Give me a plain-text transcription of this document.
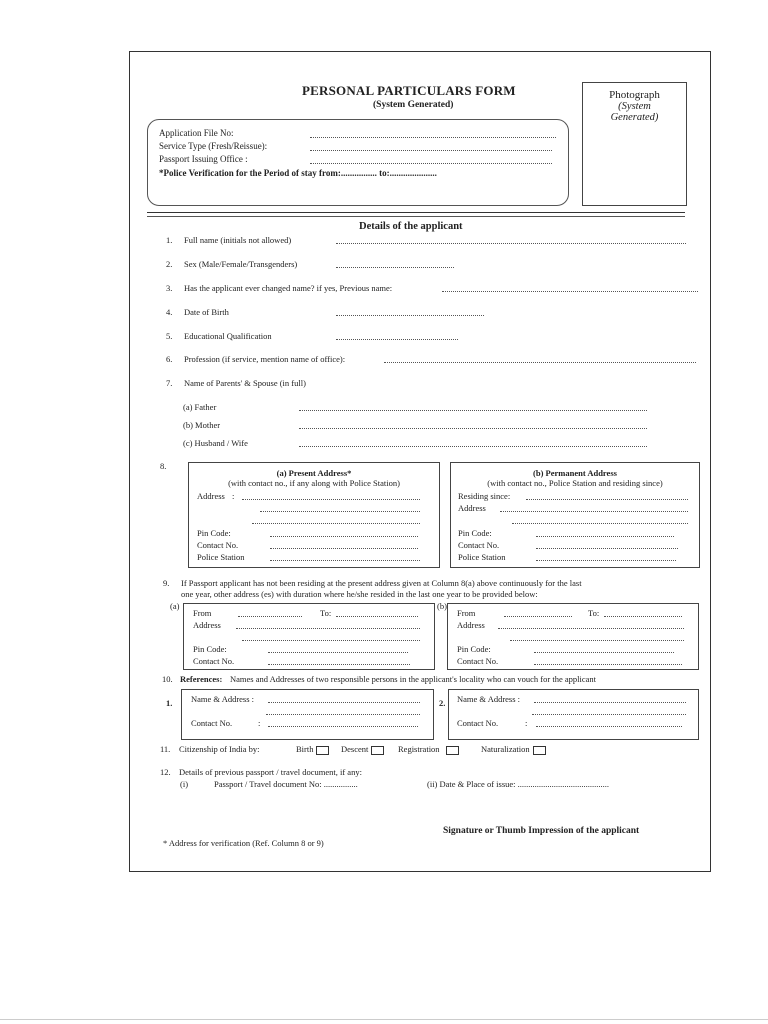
PERSONAL PARTICULARS FORM
(System Generated)
Photograph
(System
Generated)
Application File No:
Service Type (Fresh/Reissue):
Passport Issuing Office :
*Police Verification for the Period of stay from:................ to:.....................
Details of the applicant
1. Full name (initials not allowed)
2. Sex (Male/Female/Transgenders)
3. Has the applicant ever changed name? if yes, Previous name:
4. Date of Birth
5. Educational Qualification
6. Profession (if service, mention name of office):
7. Name of Parents' & Spouse (in full)
(a) Father
(b) Mother
(c) Husband / Wife
8.
(a) Present Address*
(with contact no., if any along with Police Station)
Address :
Pin Code:
Contact No.
Police Station
(b) Permanent Address
(with contact no., Police Station and residing since)
Residing since:
Address
Pin Code:
Contact No.
Police Station
9. If Passport applicant has not been residing at the present address given at Column 8(a) above continuously for the last
one year, other address (es) with duration where he/she resided in the last one year to be provided below:
(a)	(b)
From	To:
Address
Pin Code:
Contact No.
From	To:
Address
Pin Code:
Contact No.
10. References: Names and Addresses of two responsible persons in the applicant's locality who can vouch for the applicant
1. Name & Address :
Contact No.	:
2. Name & Address :
Contact No.	:
11. Citizenship of India by:	Birth	Descent	Registration	Naturalization
12. Details of previous passport / travel document, if any:
(i)	Passport / Travel document No: ................	(ii) Date & Place of issue: ...........................................
Signature or Thumb Impression of the applicant
* Address for verification (Ref. Column 8 or 9)
